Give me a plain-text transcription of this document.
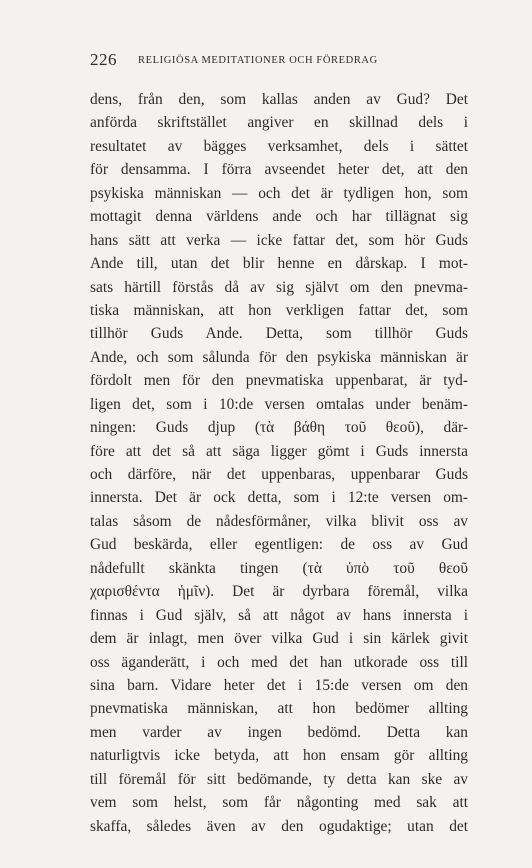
226 RELIGIÖSA MEDITATIONER OCH FÖREDRAG
dens, från den, som kallas anden av Gud? Det
anförda skriftstället angiver en skillnad dels i
resultatet av bägges verksamhet, dels i sättet
för densamma. I förra avseendet heter det, att den
psykiska människan — och det är tydligen hon, som
mottagit denna världens ande och har tillägnat sig
hans sätt att verka — icke fattar det, som hör Guds
Ande till, utan det blir henne en dårskap. I mot-
sats härtill förstås då av sig självt om den pnevma-
tiska människan, att hon verkligen fattar det, som
tillhör Guds Ande. Detta, som tillhör Guds
Ande, och som sålunda för den psykiska människan är
fördolt men för den pnevmatiska uppenbarat, är tyd-
ligen det, som i 10:de versen omtalas under benäm-
ningen: Guds djup (τὰ βάθη τοῦ θεοῦ), där-
före att det så att säga ligger gömt i Guds innersta
och därföre, när det uppenbaras, uppenbarar Guds
innersta. Det är ock detta, som i 12:te versen om-
talas såsom de nådesförmåner, vilka blivit oss av
Gud beskärda, eller egentligen: de oss av Gud
nådefullt skänkta tingen (τὰ ὑπὸ τοῦ θεοῦ
χαρισθέντα ἡμῖν). Det är dyrbara föremål, vilka
finnas i Gud själv, så att något av hans innersta i
dem är inlagt, men över vilka Gud i sin kärlek givit
oss äganderätt, i och med det han utkorade oss till
sina barn. Vidare heter det i 15:de versen om den
pnevmatiska människan, att hon bedömer allting
men varder av ingen bedömd. Detta kan
naturligtvis icke betyda, att hon ensam gör allting
till föremål för sitt bedömande, ty detta kan ske av
vem som helst, som får någonting med sak att
skaffa, således även av den ogudaktige; utan det
